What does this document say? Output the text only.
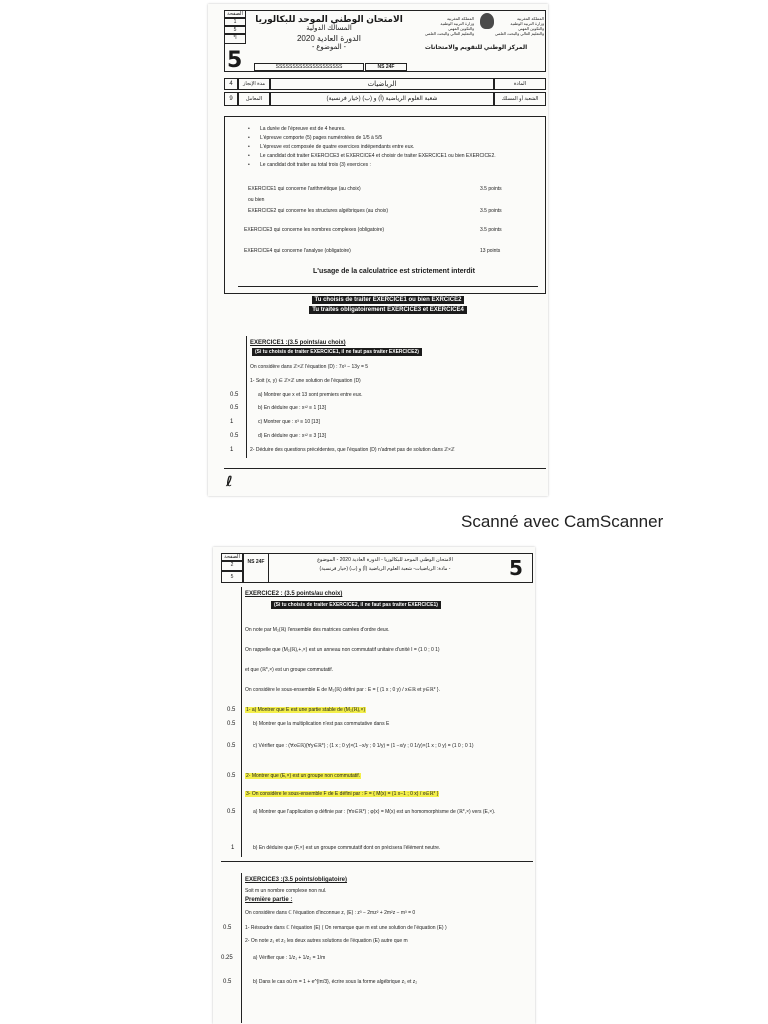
الصفحة
1
5
*I
5
الامتحان الوطني الموحد للبكالوريا
المسالك الدولية
الدورة العادية 2020
- الموضوع -
SSSSSSSSSSSSSSSSSSSS	NS 24F
المملكة المغربية
وزارة التربية الوطنية
والتكوين المهني
والتعليم العالي والبحث العلمي
المملكة المغربية
وزارة التربية الوطنية
والتكوين المهني
والتعليم العالي والبحث العلمي
المركز الوطني للتقويم والامتحانات
4	مدة الإنجاز	الرياضيات	المادة
9	المعامل	شعبة العلوم الرياضية (أ) و (ب) (خيار فرنسية)	الشعبة أو المسلك
• La durée de l'épreuve est de 4 heures.
• L'épreuve comporte (5) pages numérotées de 1/5 à 5/5
• L'épreuve est composée de quatre exercices indépendants entre eux.
• Le candidat doit traiter EXERCICE3 et EXERCICE4 et choisir de traiter EXERCICE1 ou bien EXERCICE2.
• Le candidat doit traiter au total trois (3) exercices :
EXERCICE1 qui concerne l'arithmétique (au choix)	3.5 points
ou bien
EXERCICE2 qui concerne les structures algébriques (au choix)	3.5 points
EXERCICE3 qui concerne les nombres complexes (obligatoire)	3.5 points
EXERCICE4 qui concerne l'analyse (obligatoire)	13 points
L'usage de la calculatrice est strictement interdit
Tu choisis de traiter EXERCICE1 ou bien EXRCICE2
Tu traites obligatoirement EXERCICE3 et EXERCICE4
EXERCICE1 :(3.5 points/au choix)
(Si tu choisis de traiter EXERCICE1, il ne faut pas traiter EXERCICE2)
On considère dans ℤ×ℤ l'équation (D) : 7x³ − 13y = 5
1- Soit (x, y) ∈ ℤ×ℤ une solution de l'équation (D)
0.5	a) Montrer que x et 13 sont premiers entre eux.
0.5	b) En déduire que : x¹² ≡ 1 [13]
1	c) Montrer que : x³ ≡ 10 [13]
0.5	d) En déduire que : x¹² ≡ 3 [13]
1	2- Déduire des questions précédentes, que l'équation (D) n'admet pas de solution dans ℤ×ℤ
ℓ
Scanné avec CamScanner
الصفحة
2
5
NS 24F	الامتحان الوطني الموحد للبكالوريا - الدورة العادية 2020 - الموضوع
- مادة: الرياضيات- شعبة العلوم الرياضية (أ) و (ب) (خيار فرنسية)	5
EXERCICE2 : (3.5 points/au choix)
(Si tu choisis de traiter EXERCICE2, il ne faut pas traiter EXERCICE1)
On note par M₂(ℝ) l'ensemble des matrices carrées d'ordre deux.
On rappelle que (M₂(ℝ),+,×) est un anneau non commutatif unitaire d'unité I = (1 0 ; 0 1)
et que (ℝ*,×) est un groupe commutatif.
On considère le sous-ensemble E de M₂(ℝ) défini par : E = { (1 x ; 0 y) / x∈ℝ et y∈ℝ* }.
0.5 1- a) Montrer que E est une partie stable de (M₂(ℝ),×)
0.5	b) Montrer que la multiplication n'est pas commutative dans E
0.5	c) Vérifier que : (∀x∈ℝ)(∀y∈ℝ*) ; (1 x ; 0 y)×(1 −x/y ; 0 1/y) = (1 −x/y ; 0 1/y)×(1 x ; 0 y) = (1 0 ; 0 1)
0.5 2- Montrer que (E,×) est un groupe non commutatif.
3- On considère le sous-ensemble F de E défini par : F = { M(x) = (1 x−1 ; 0 x) / x∈ℝ* }
0.5	a) Montrer que l'application φ définie par : (∀x∈ℝ*) ; φ(x) = M(x) est un homomorphisme de (ℝ*,×) vers (E,×).
1	b) En déduire que (F,×) est un groupe commutatif dont on précisera l'élément neutre.
EXERCICE3 :(3.5 points/obligatoire)
Soit m un nombre complexe non nul.
Première partie :
On considère dans ℂ l'équation d'inconnue z, (E) : z³ − 2mz² + 2m²z − m³ = 0
0.5	1- Résoudre dans ℂ l'équation (E) ( On remarque que m est une solution de l'équation (E) )
2- On note z₁ et z₂ les deux autres solutions de l'équation (E) autre que m
0.25	a) Vérifier que : 1/z₁ + 1/z₂ = 1/m
0.5	b) Dans le cas où m = 1 + e^{iπ/3}, écrire sous la forme algébrique z₁ et z₂
